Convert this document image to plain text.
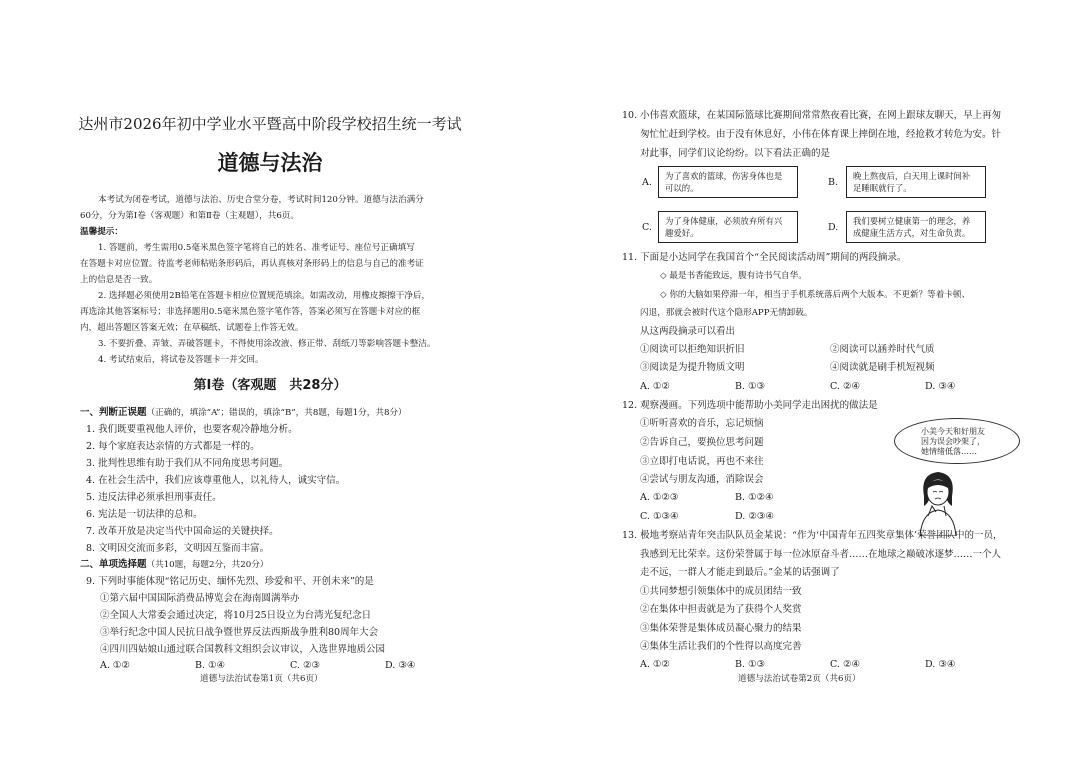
达州市2026年初中学业水平暨高中阶段学校招生统一考试
道德与法治
本考试为闭卷考试，道德与法治、历史合堂分卷，考试时间120分钟。道德与法治满分
60分，分为第Ⅰ卷（客观题）和第Ⅱ卷（主观题），共6页。
温馨提示：
1. 答题前，考生需用0.5毫米黑色签字笔将自己的姓名、准考证号、座位号正确填写
在答题卡对应位置。待监考老师粘贴条形码后，再认真核对条形码上的信息与自己的准考证
上的信息是否一致。
2. 选择题必须使用2B铅笔在答题卡相应位置规范填涂。如需改动，用橡皮擦擦干净后，
再选涂其他答案标号；非选择题用0.5毫米黑色签字笔作答，答案必须写在答题卡对应的框
内，超出答题区答案无效；在草稿纸、试题卷上作答无效。
3. 不要折叠、弄皱、弄破答题卡，不得使用涂改液、修正带、刮纸刀等影响答题卡整洁。
4. 考试结束后，将试卷及答题卡一并交回。
第Ⅰ卷（客观题　共28分）
一、判断正误题（正确的，填涂“A”；错误的，填涂“B”，共8题，每题1分，共8分）
1. 我们既要重视他人评价，也要客观冷静地分析。
2. 每个家庭表达亲情的方式都是一样的。
3. 批判性思维有助于我们从不同角度思考问题。
4. 在社会生活中，我们应该尊重他人，以礼待人，诚实守信。
5. 违反法律必须承担刑事责任。
6. 宪法是一切法律的总和。
7. 改革开放是决定当代中国命运的关键抉择。
8. 文明因交流而多彩，文明因互鉴而丰富。
二、单项选择题（共10题，每题2分，共20分）
9. 下列时事能体现“铭记历史、缅怀先烈、珍爱和平、开创未来”的是
①第六届中国国际消费品博览会在海南圆满举办
②全国人大常委会通过决定，将10月25日设立为台湾光复纪念日
③举行纪念中国人民抗日战争暨世界反法西斯战争胜利80周年大会
④四川四姑娘山通过联合国教科文组织会议审议，入选世界地质公园
A. ①②	B. ①④	C. ②③	D. ③④
道德与法治试卷第1页（共6页）
10. 小伟喜欢篮球，在某国际篮球比赛期间常常熬夜看比赛，在网上跟球友聊天，早上再匆
匆忙忙赶到学校。由于没有休息好，小伟在体育课上摔倒在地，经抢救才转危为安。针
对此事，同学们议论纷纷。以下看法正确的是
A.
为了喜欢的篮球，伤害身体也是
可以的。	B.
晚上熬夜后，白天用上课时间补
足睡眠就行了。
C.
为了身体健康，必须放弃所有兴
趣爱好。	D.
我们要树立健康第一的理念，养
成健康生活方式，对生命负责。
11. 下面是小达同学在我国首个“全民阅读活动周”期间的两段摘录。
◇ 最是书香能致远，腹有诗书气自华。
◇ 你的大脑如果停滞一年，相当于手机系统落后两个大版本。不更新？等着卡顿、
闪退，那就会被时代这个隐形APP无情卸载。
从这两段摘录可以看出
①阅读可以拒绝知识折旧	②阅读可以涵养时代气质
③阅读是为提升物质文明	④阅读就是刷手机短视频
A. ①②	B. ①③	C. ②④	D. ③④
12. 观察漫画。下列选项中能帮助小美同学走出困扰的做法是
①听听喜欢的音乐，忘记烦恼
②告诉自己，要换位思考问题
③立即打电话说，再也不来往
④尝试与朋友沟通，消除误会
A. ①②③	B. ①②④
C. ①③④	D. ②③④
小美今天和好朋友
因为误会吵架了，
她情绪低落……
13. 极地考察站青年突击队队员金某说：“作为‘中国青年五四奖章集体’荣誉团队中的一员，
我感到无比荣幸。这份荣誉属于每一位冰原奋斗者……在地球之巅破冰逐梦……一个人
走不远，一群人才能走到最后。”金某的话强调了
①共同梦想引领集体中的成员团结一致
②在集体中担责就是为了获得个人奖赏
③集体荣誉是集体成员凝心聚力的结果
④集体生活让我们的个性得以高度完善
A. ①②	B. ①③	C. ②④	D. ③④
道德与法治试卷第2页（共6页）
